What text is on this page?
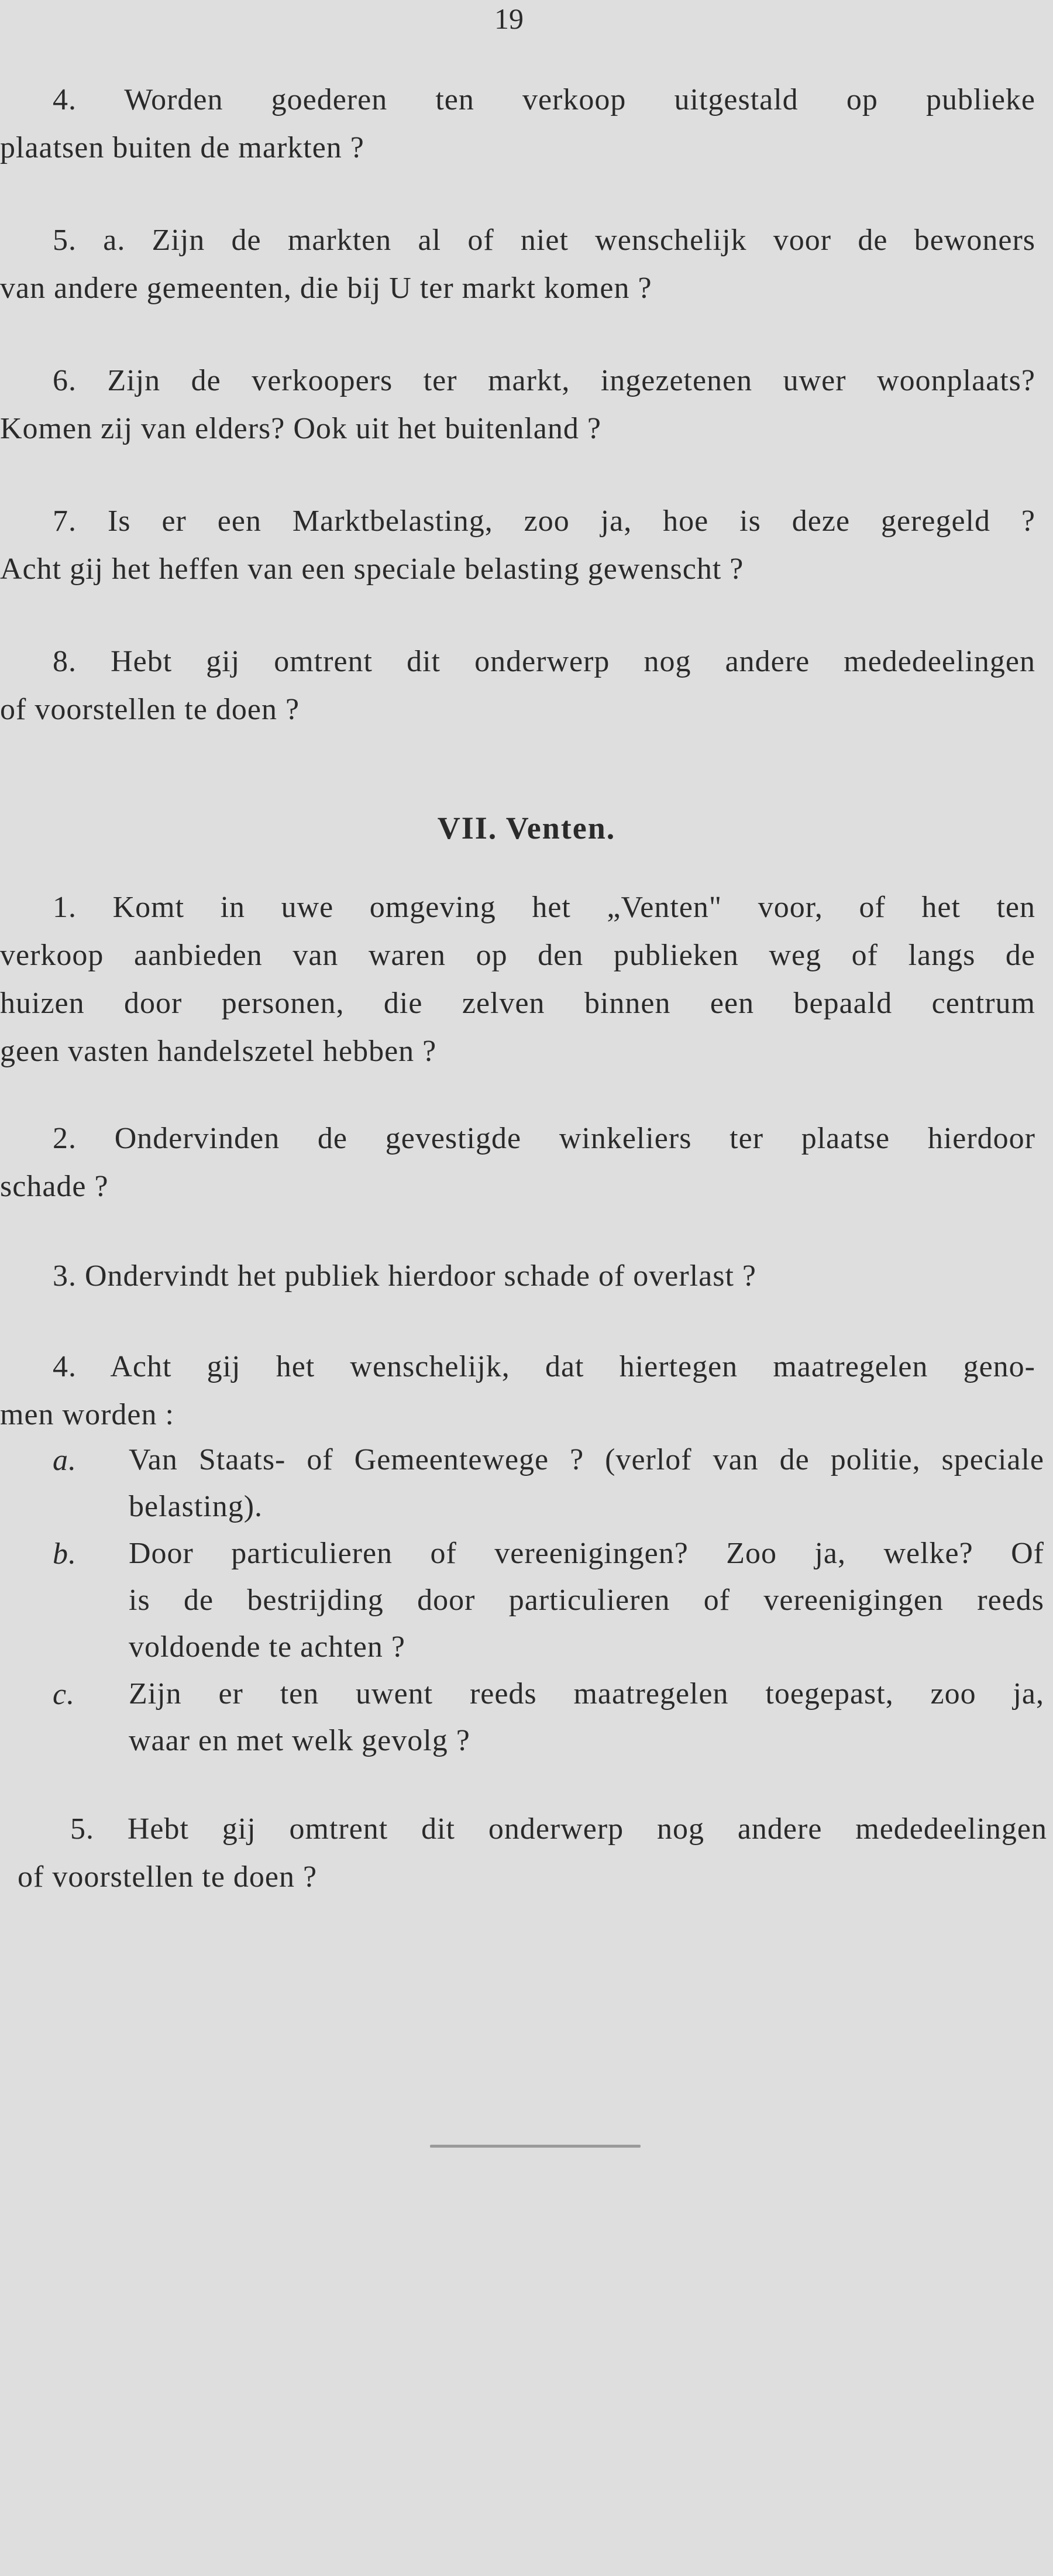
19
4. Worden goederen ten verkoop uitgestald op publieke
plaatsen buiten de markten ?
5. a. Zijn de markten al of niet wenschelijk voor de bewoners
van andere gemeenten, die bij U ter markt komen ?
6. Zijn de verkoopers ter markt, ingezetenen uwer woonplaats?
Komen zij van elders? Ook uit het buitenland ?
7. Is er een Marktbelasting, zoo ja, hoe is deze geregeld ?
Acht gij het heffen van een speciale belasting gewenscht ?
8. Hebt gij omtrent dit onderwerp nog andere mededeelingen
of voorstellen te doen ?
VII. Venten.
1. Komt in uwe omgeving het „Venten" voor, of het ten
verkoop aanbieden van waren op den publieken weg of langs de
huizen door personen, die zelven binnen een bepaald centrum
geen vasten handelszetel hebben ?
2. Ondervinden de gevestigde winkeliers ter plaatse hierdoor
schade ?
3. Ondervindt het publiek hierdoor schade of overlast ?
4. Acht gij het wenschelijk, dat hiertegen maatregelen geno-
men worden :
a. Van Staats- of Gemeentewege ? (verlof van de politie, speciale
belasting).
b. Door particulieren of vereenigingen? Zoo ja, welke? Of
is de bestrijding door particulieren of vereenigingen reeds
voldoende te achten ?
c. Zijn er ten uwent reeds maatregelen toegepast, zoo ja,
waar en met welk gevolg ?
5. Hebt gij omtrent dit onderwerp nog andere mededeelingen
of voorstellen te doen ?
